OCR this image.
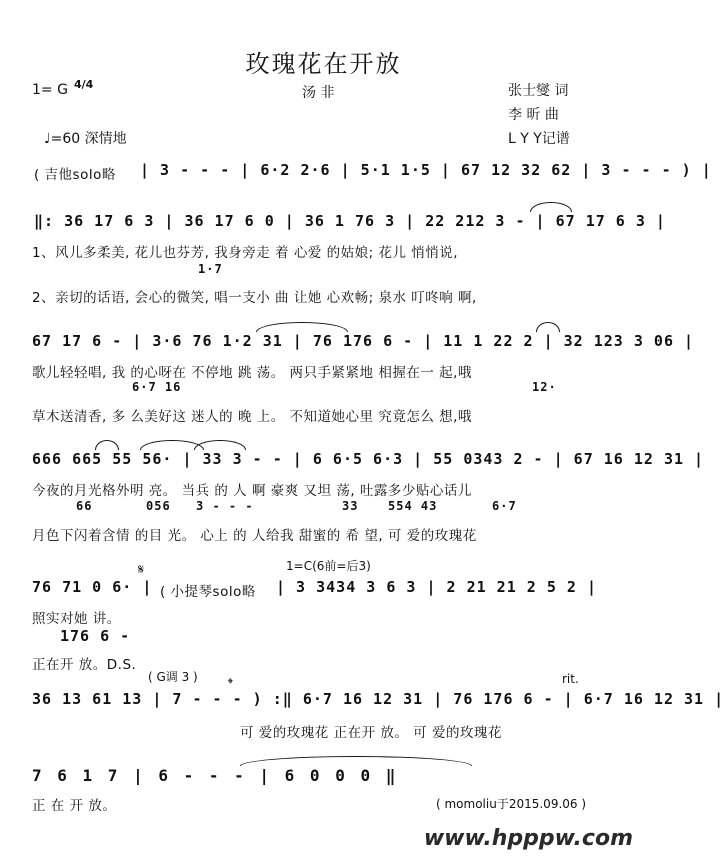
玫瑰花在开放
1= G 4/4
汤 非	张士燮 词
李 昕 曲
♩=60 深情地	L Y Y记谱
( 吉他solo略 | 3 - - - | 6·2 2·6 | 5·1 1·5 | 67 12 32 62 | 3 - - - ) |
‖: 36 17 6 3 | 36 17 6 0 | 36 1 76 3 | 22 212 3 - | 67 17 6 3 |
1、风儿多柔美, 花儿也芬芳, 我身旁走 着 心爱 的姑娘; 花儿 悄悄说,
1·7
2、亲切的话语, 会心的微笑, 唱一支小 曲 让她 心欢畅; 泉水 叮咚响 啊,
67 17 6 - | 3·6 76 1·2 31 | 76 176 6 - | 11 1 22 2 | 32 123 3 06 |
歌儿轻轻唱, 我 的心呀在 不停地 跳 荡。 两只手紧紧地 相握在一 起,哦
6·7 16	12·
草木送清香, 多 么美好这 迷人的 晚 上。 不知道她心里 究竟怎么 想,哦
666 665 55 56· | 33 3 - - | 6 6·5 6·3 | 55 0343 2 - | 67 16 12 31 |
今夜的月光格外明 亮。 当兵 的 人 啊 豪爽 又坦 荡, 吐露多少贴心话儿
66	056 3 - - -	33 554 43	6·7
月色下闪着含情 的目 光。 心上 的 人给我 甜蜜的 希 望, 可 爱的玫瑰花
1=C(6前=后3)
𝄋
76 71 0 6· | ( 小提琴solo略 | 3 3434 3 6 3 | 2 21 21 2 5 2 |
照实对她 讲。
176 6 -
正在开 放。D.S.
( G调 3 ) 𝄌	rit.
36 13 61 13 | 7 - - - ) :‖ 6·7 16 12 31 | 76 176 6 - | 6·7 16 12 31 |
可 爱的玫瑰花 正在开 放。 可 爱的玫瑰花
7 6 1 7 | 6 - - - | 6 0 0 0 ‖
正 在 开 放。	( momoliu于2015.09.06 )
www.hpppw.com
